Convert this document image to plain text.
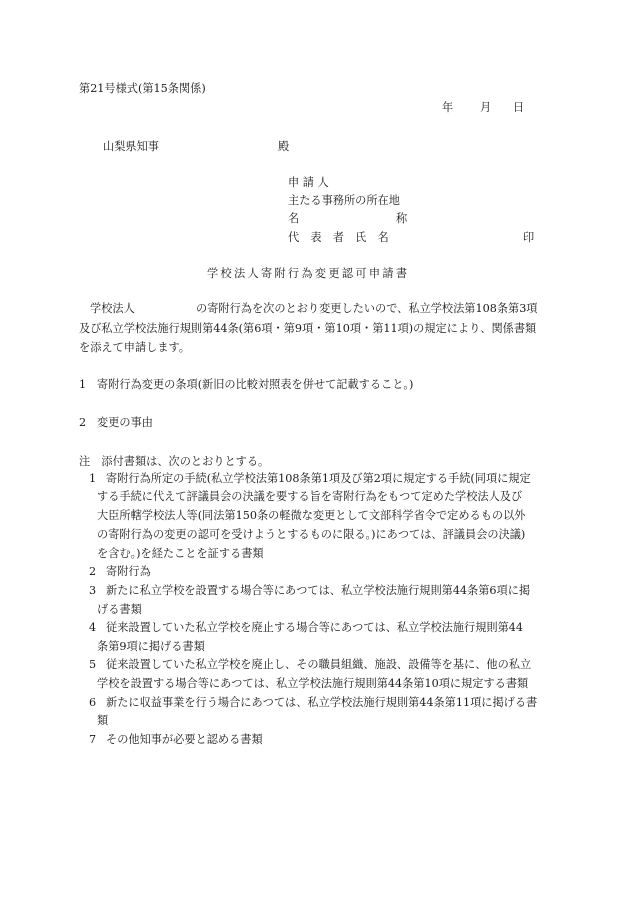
第21号様式(第15条関係)
年 月 日
山梨県知事	殿
申 請 人
主たる事務所の所在地
名	称
代　表　者　氏　名	印
学校法人寄附行為変更認可申請書
学校法人	の寄附行為を次のとおり変更したいので、私立学校法第108条第3項
及び私立学校法施行規則第44条(第6項・第9項・第10項・第11項)の規定により、関係書類
を添えて申請します。
1 寄附行為変更の条項(新旧の比較対照表を併せて記載すること。)
2 変更の事由
注　添付書類は、次のとおりとする。
1 寄附行為所定の手続(私立学校法第108条第1項及び第2項に規定する手続(同項に規定
する手続に代えて評議員会の決議を要する旨を寄附行為をもつて定めた学校法人及び
大臣所轄学校法人等(同法第150条の軽微な変更として文部科学省令で定めるもの以外
の寄附行為の変更の認可を受けようとするものに限る。)にあつては、評議員会の決議)
を含む。)を経たことを証する書類
2 寄附行為
3 新たに私立学校を設置する場合等にあつては、私立学校法施行規則第44条第6項に掲
げる書類
4 従来設置していた私立学校を廃止する場合等にあつては、私立学校法施行規則第44
条第9項に掲げる書類
5 従来設置していた私立学校を廃止し、その職員組織、施設、設備等を基に、他の私立
学校を設置する場合等にあつては、私立学校法施行規則第44条第10項に規定する書類
6 新たに収益事業を行う場合にあつては、私立学校法施行規則第44条第11項に掲げる書
類
7 その他知事が必要と認める書類
